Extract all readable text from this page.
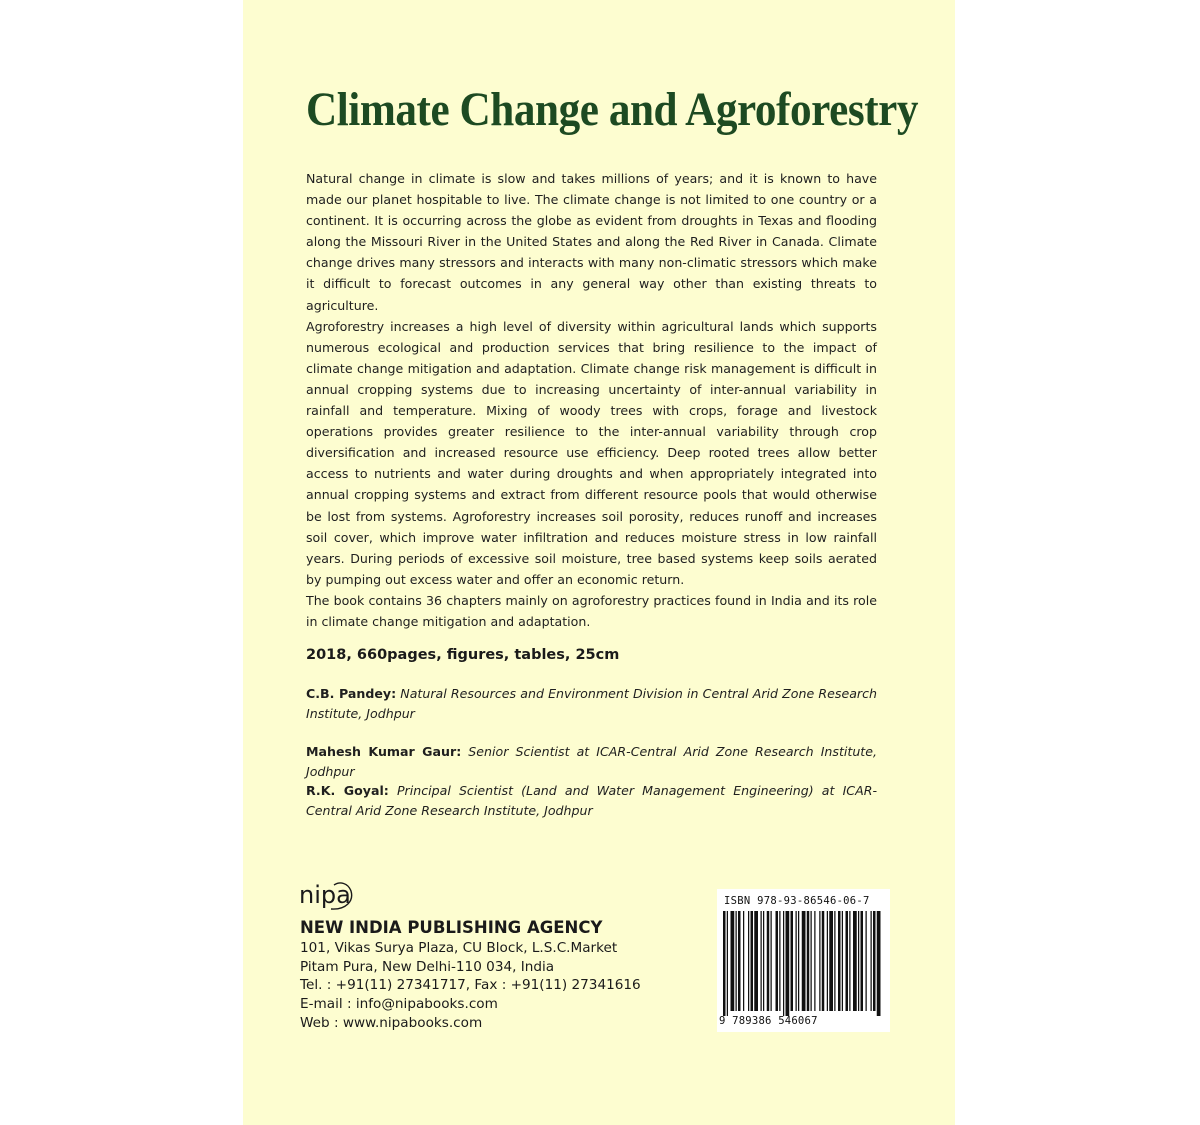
Climate Change and Agroforestry

Natural change in climate is slow and takes millions of years; and it is known to have made our planet hospitable to live. The climate change is not limited to one country or a continent. It is occurring across the globe as evident from droughts in Texas and flooding along the Missouri River in the United States and along the Red River in Canada. Climate change drives many stressors and interacts with many non-climatic stressors which make it difficult to forecast outcomes in any general way other than existing threats to agriculture.

Agroforestry increases a high level of diversity within agricultural lands which supports numerous ecological and production services that bring resilience to the impact of climate change mitigation and adaptation. Climate change risk management is difficult in annual cropping systems due to increasing uncertainty of inter-annual variability in rainfall and temperature. Mixing of woody trees with crops, forage and livestock operations provides greater resilience to the inter-annual variability through crop diversification and increased resource use efficiency. Deep rooted trees allow better access to nutrients and water during droughts and when appropriately integrated into annual cropping systems and extract from different resource pools that would otherwise be lost from systems. Agroforestry increases soil porosity, reduces runoff and increases soil cover, which improve water infiltration and reduces moisture stress in low rainfall years. During periods of excessive soil moisture, tree based systems keep soils aerated by pumping out excess water and offer an economic return.

The book contains 36 chapters mainly on agroforestry practices found in India and its role in climate change mitigation and adaptation.

2018, 660pages, figures, tables, 25cm
C.B. Pandey: Natural Resources and Environment Division in Central Arid Zone Research Institute, Jodhpur
Mahesh Kumar Gaur: Senior Scientist at ICAR-Central Arid Zone Research Institute, Jodhpur
R.K. Goyal: Principal Scientist (Land and Water Management Engineering) at ICAR-Central Arid Zone Research Institute, Jodhpur
nipa
NEW INDIA PUBLISHING AGENCY
101, Vikas Surya Plaza, CU Block, L.S.C.Market
Pitam Pura, New Delhi-110 034, India
Tel. : +91(11) 27341717, Fax : +91(11) 27341616
E-mail : info@nipabooks.com
Web : www.nipabooks.com
ISBN 978-93-86546-06-7
9 789386 546067
